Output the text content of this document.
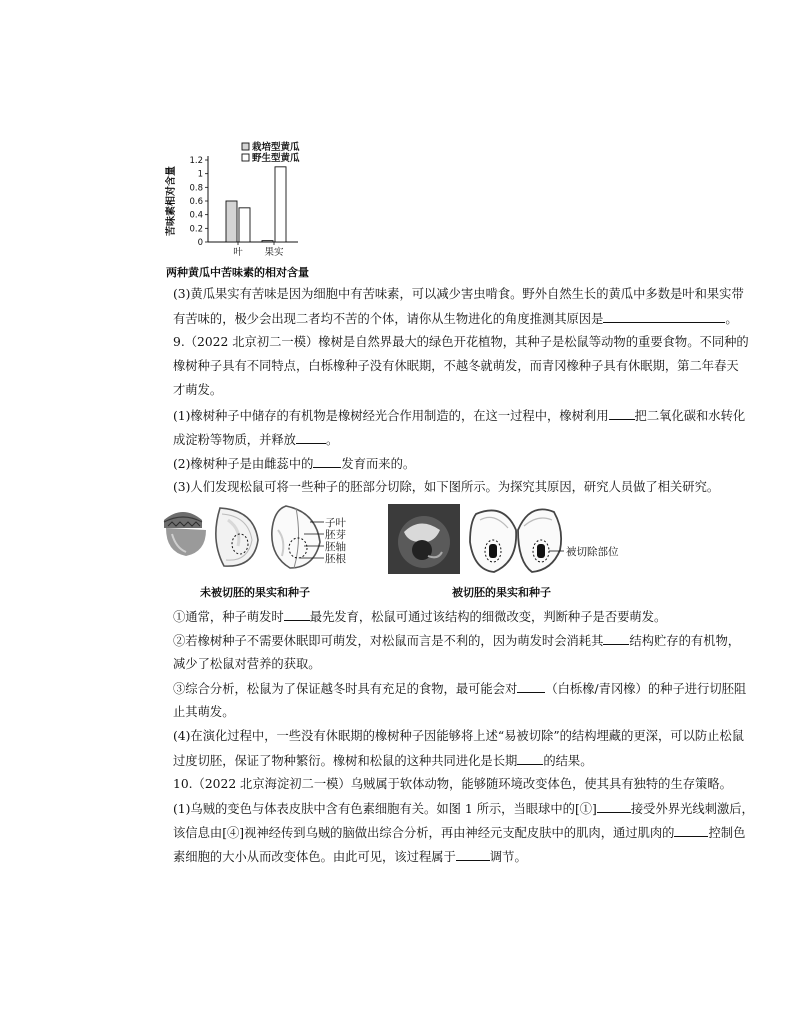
1.2
1
0.8
0.6
0.4
0.2
0
苦味素相对含量
叶 果实
栽培型黄瓜
野生型黄瓜
两种黄瓜中苦味素的相对含量
(3)黄瓜果实有苦味是因为细胞中有苦味素，可以减少害虫啃食。野外自然生长的黄瓜中多数是叶和果实带
有苦味的，极少会出现二者均不苦的个体，请你从生物进化的角度推测其原因是	。
9.（2022 北京初二一模）橡树是自然界最大的绿色开花植物，其种子是松鼠等动物的重要食物。不同种的
橡树种子具有不同特点，白栎橡种子没有休眠期，不越冬就萌发，而青冈橡种子具有休眠期，第二年春天
才萌发。
(1)橡树种子中储存的有机物是橡树经光合作用制造的，在这一过程中，橡树利用 把二氧化碳和水转化
成淀粉等物质，并释放 。
(2)橡树种子是由雌蕊中的 发育而来的。
(3)人们发现松鼠可将一些种子的胚部分切除，如下图所示。为探究其原因，研究人员做了相关研究。
子叶
胚芽
胚轴
胚根
被切除部位
未被切胚的果实和种子	被切胚的果实和种子
①通常，种子萌发时 最先发育，松鼠可通过该结构的细微改变，判断种子是否要萌发。
②若橡树种子不需要休眠即可萌发，对松鼠而言是不利的，因为萌发时会消耗其 结构贮存的有机物，
减少了松鼠对营养的获取。
③综合分析，松鼠为了保证越冬时具有充足的食物，最可能会对 （白栎橡/青冈橡）的种子进行切胚阻
止其萌发。
(4)在演化过程中，一些没有休眠期的橡树种子因能够将上述“易被切除”的结构埋藏的更深，可以防止松鼠
过度切胚，保证了物种繁衍。橡树和松鼠的这种共同进化是长期 的结果。
10.（2022 北京海淀初二一模）乌贼属于软体动物，能够随环境改变体色，使其具有独特的生存策略。
(1)乌贼的变色与体表皮肤中含有色素细胞有关。如图 1 所示，当眼球中的[①]	接受外界光线刺激后，
该信息由[④]视神经传到乌贼的脑做出综合分析，再由神经元支配皮肤中的肌肉，通过肌肉的	控制色
素细胞的大小从而改变体色。由此可见，该过程属于	调节。
